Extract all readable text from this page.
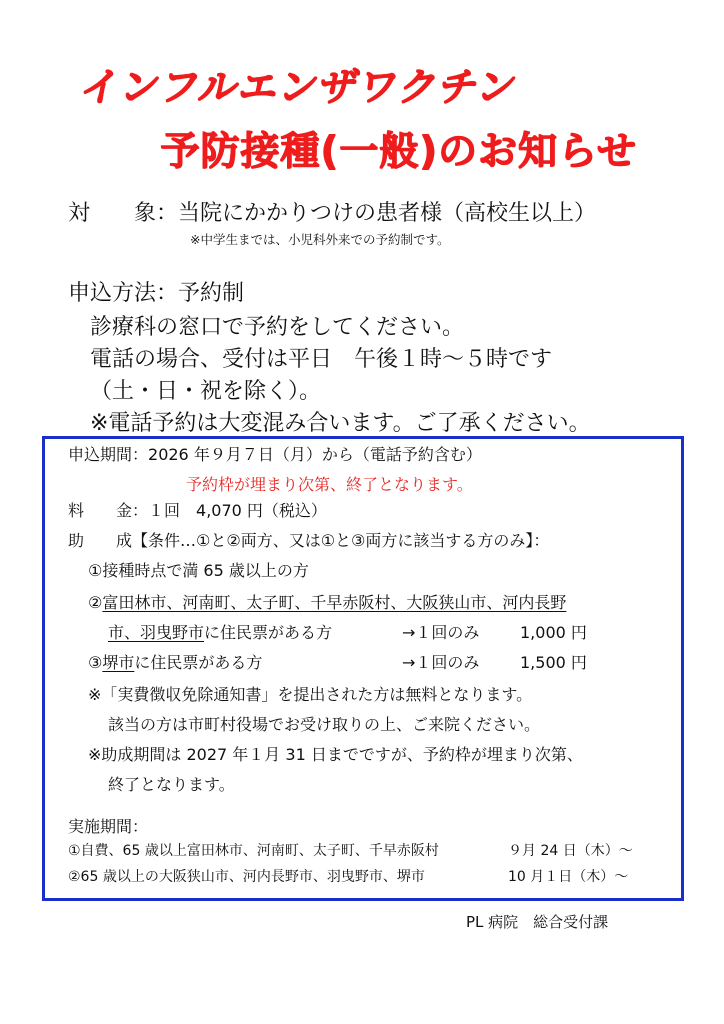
インフルエンザワクチン
予防接種(一般)のお知らせ
対　　象：当院にかかりつけの患者様（高校生以上）
※中学生までは、小児科外来での予約制です。
申込方法：予約制
診療科の窓口で予約をしてください。
電話の場合、受付は平日　午後１時〜５時です
（土・日・祝を除く）。
※電話予約は大変混み合います。ご了承ください。
申込期間：2026 年９月７日（月）から（電話予約含む）
予約枠が埋まり次第、終了となります。
料　　金：１回　4,070 円（税込）
助　　成【条件…①と②両方、又は①と③両方に該当する方のみ】：
①接種時点で満 65 歳以上の方
②富田林市、河南町、太子町、千早赤阪村、大阪狭山市、河内長野
市、羽曳野市に住民票がある方	→１回のみ	1,000 円
③堺市に住民票がある方	→１回のみ	1,500 円
※「実費徴収免除通知書」を提出された方は無料となります。
該当の方は市町村役場でお受け取りの上、ご来院ください。
※助成期間は 2027 年１月 31 日までですが、予約枠が埋まり次第、
終了となります。
実施期間：
①自費、65 歳以上富田林市、河南町、太子町、千早赤阪村	９月 24 日（木）〜
②65 歳以上の大阪狭山市、河内長野市、羽曳野市、堺市	10 月１日（木）〜
PL 病院　総合受付課
